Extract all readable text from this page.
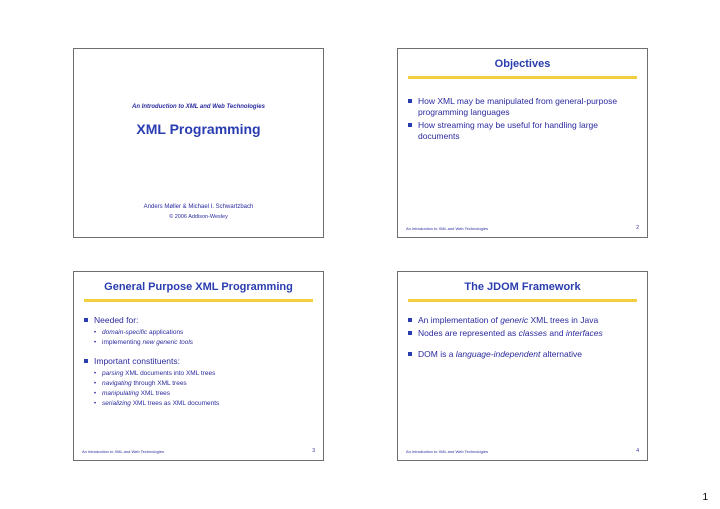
An Introduction to XML and Web Technologies
XML Programming
Anders Møller & Michael I. Schwartzbach
© 2006 Addison-Wesley
Objectives
How XML may be manipulated from general-purpose programming languages
How streaming may be useful for handling large documents
An Introduction to XML and Web Technologies	2
General Purpose XML Programming
Needed for:
• domain-specific applications
• implementing new generic tools
Important constituents:
• parsing XML documents into XML trees
• navigating through XML trees
• manipulating XML trees
• serializing XML trees as XML documents
An Introduction to XML and Web Technologies	3
The JDOM Framework
An implementation of generic XML trees in Java
Nodes are represented as classes and interfaces
DOM is a language-independent alternative
An Introduction to XML and Web Technologies	4
1
